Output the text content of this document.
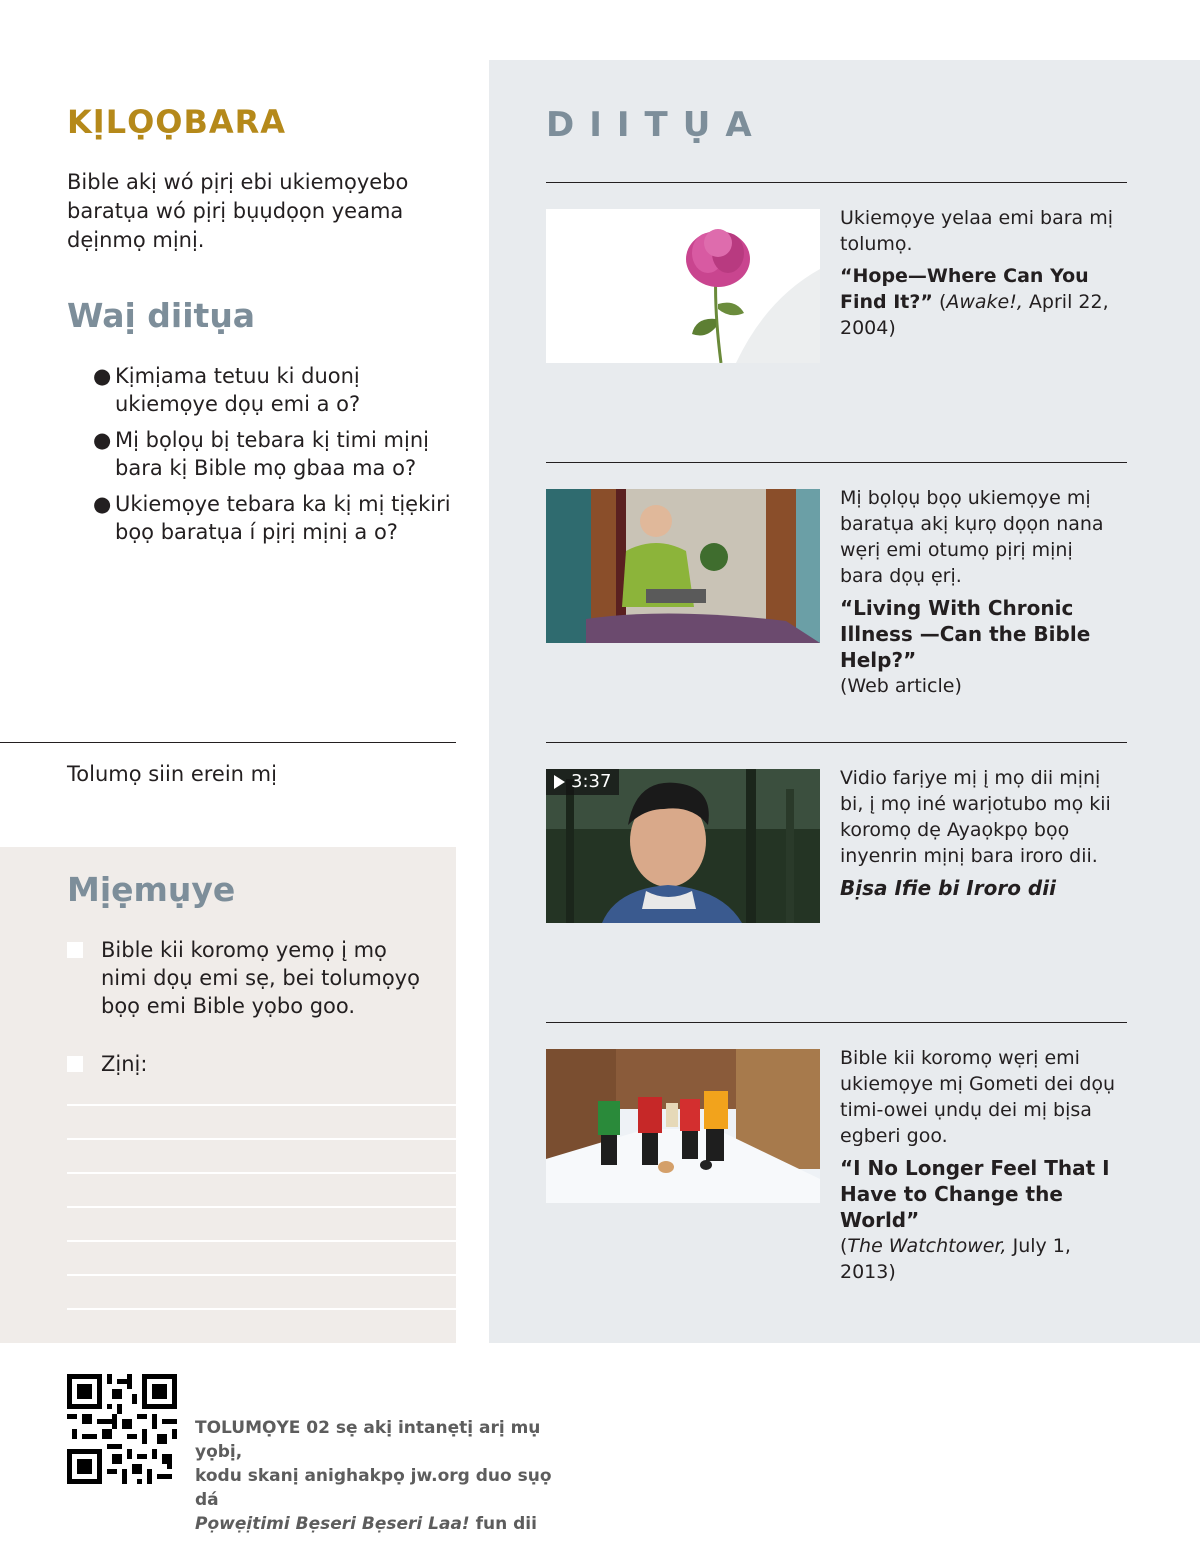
KỊLỌỌBARA

Bible akị wó pịrị ebi ukiemọyebo baratụa wó pịrị bụụdọọn yeama dẹịnmọ mịnị.

Waị diitụa
● Kịmịama tetuu ki duonị ukiemọye dọụ emi a o?
● Mị bọlọụ bị tebara kị timi mịnị bara kị Bible mọ gbaa ma o?
● Ukiemọye tebara ka kị mị tịẹkiri bọọ baratụa í pịrị mịnị a o?

Tolumọ siin erein mị

Mịẹmụye
Bible kii koromọ yemọ į mọ nimi dọụ emi sẹ, bei tolumọyọ bọọ emi Bible yọbo goo.
Zịnị:
DIITỤA

Ukiemọye yelaa emi bara mị tolumọ.

“Hope—Where Can You Find It?” (Awake!, April 22, 2004)

Mị bọlọụ bọọ ukiemọye mị baratụa akị kụrọ dọọn nana wẹrị emi otumọ pịrị mịnị bara dọụ ẹrị.

“Living With Chronic Illness —Can the Bible Help?”

(Web article)

3:37	Vidio farịye mị į mọ dii mịnị bi, į mọ iné warịotubo mọ kii koromọ dẹ Ayaọkpọ bọọ inyenrin mịnị bara iroro dii.

Bịsa Ifie bi Iroro dii

Bible kii koromọ wẹrị emi ukiemọye mị Gometi dei dọụ timi-owei ụndụ dei mị bịsa egberi goo.

“I No Longer Feel That I Have to Change the World”

(The Watchtower, July 1, 2013)

TOLUMỌYE 02 sẹ akị intanẹtị arị mụ yọbị,
kodu skanị anighakpọ jw.org duo sụọ dá
Pọwẹịtimi Bẹseri Bẹseri Laa! fun dii
